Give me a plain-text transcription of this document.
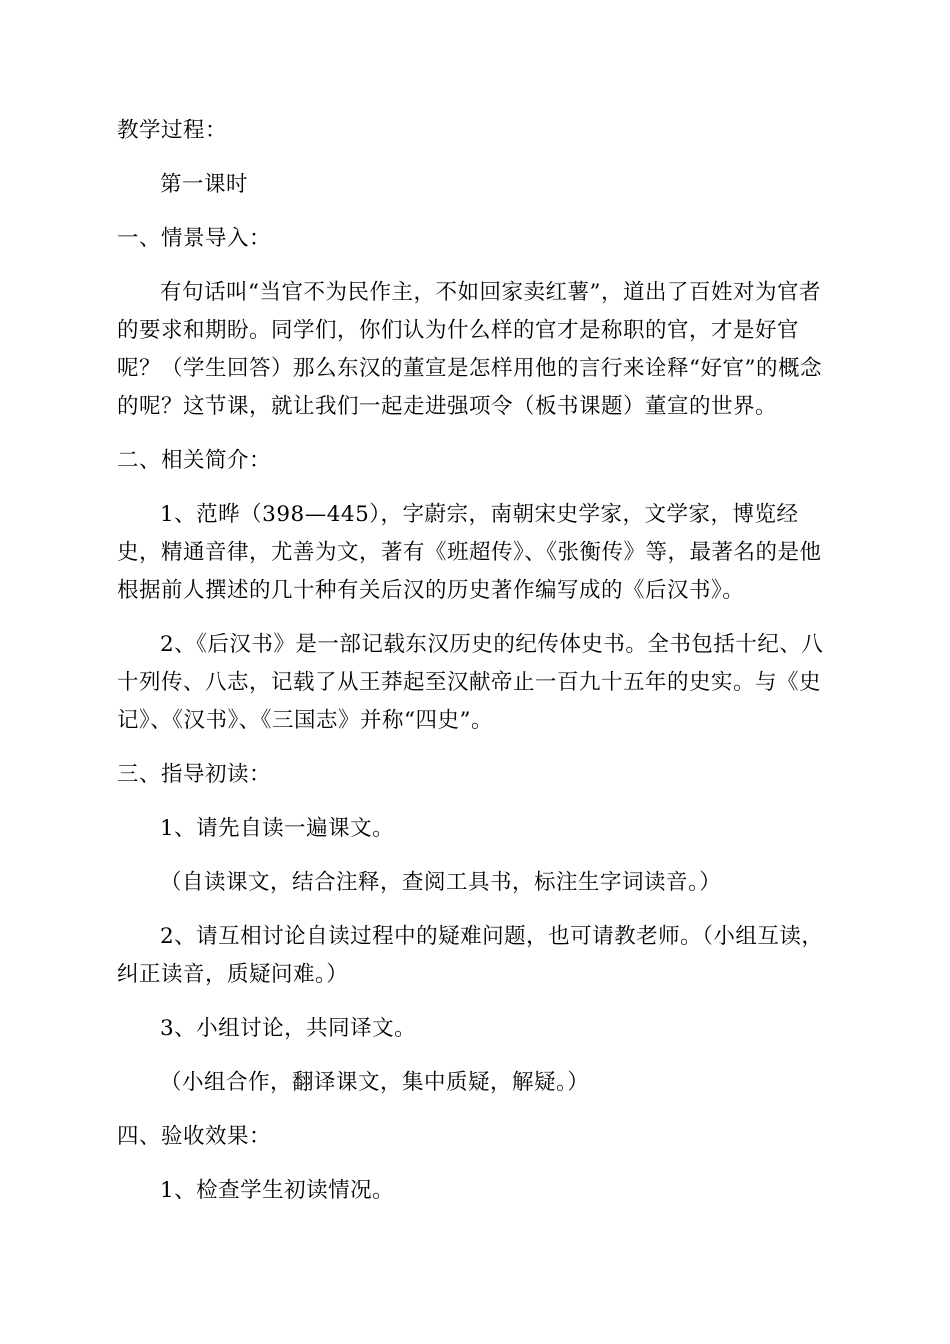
教学过程：

第一课时

一、情景导入：

有句话叫“当官不为民作主，不如回家卖红薯”，道出了百姓对为官者的要求和期盼。同学们，你们认为什么样的官才是称职的官，才是好官呢？（学生回答）那么东汉的董宣是怎样用他的言行来诠释“好官”的概念的呢？这节课，就让我们一起走进强项令（板书课题）董宣的世界。

二、相关简介：

1、范晔（398—445），字蔚宗，南朝宋史学家，文学家，博览经史，精通音律，尤善为文，著有《班超传》、《张衡传》等，最著名的是他根据前人撰述的几十种有关后汉的历史著作编写成的《后汉书》。

2、《后汉书》是一部记载东汉历史的纪传体史书。全书包括十纪、八十列传、八志，记载了从王莽起至汉献帝止一百九十五年的史实。与《史记》、《汉书》、《三国志》并称“四史”。

三、指导初读：

1、请先自读一遍课文。

（自读课文，结合注释，查阅工具书，标注生字词读音。）

2、请互相讨论自读过程中的疑难问题，也可请教老师。（小组互读，纠正读音，质疑问难。）

3、小组讨论，共同译文。

（小组合作，翻译课文，集中质疑，解疑。）

四、验收效果：

1、检查学生初读情况。
